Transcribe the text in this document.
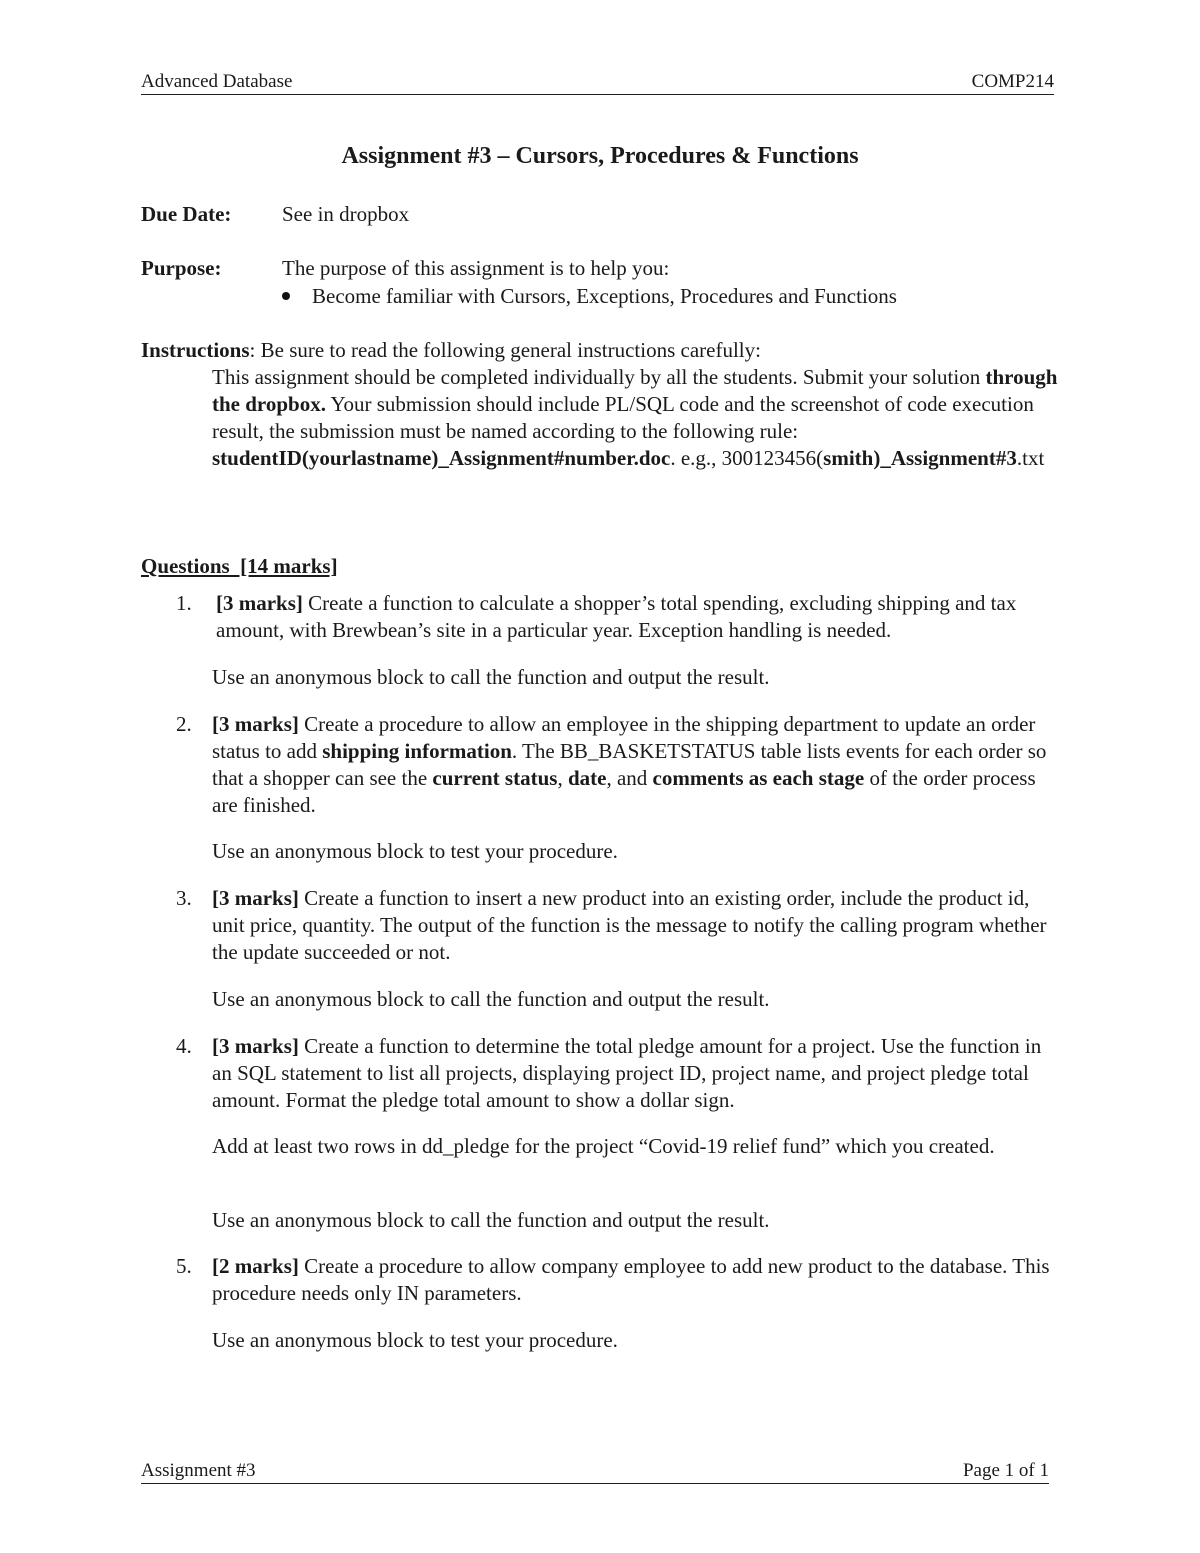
Advanced Database	COMP214
Assignment #3 – Cursors, Procedures & Functions
Due Date: See in dropbox
Purpose:	The purpose of this assignment is to help you:
Become familiar with Cursors, Exceptions, Procedures and Functions
Instructions: Be sure to read the following general instructions carefully:
This assignment should be completed individually by all the students. Submit your solution through the dropbox. Your submission should include PL/SQL code and the screenshot of code execution result, the submission must be named according to the following rule: studentID(yourlastname)_Assignment#number.doc. e.g., 300123456(smith)_Assignment#3.txt
Questions  [14 marks]
1. [3 marks] Create a function to calculate a shopper’s total spending, excluding shipping and tax amount, with Brewbean’s site in a particular year. Exception handling is needed.
Use an anonymous block to call the function and output the result.
2. [3 marks] Create a procedure to allow an employee in the shipping department to update an order status to add shipping information. The BB_BASKETSTATUS table lists events for each order so that a shopper can see the current status, date, and comments as each stage of the order process are finished.
Use an anonymous block to test your procedure.
3. [3 marks] Create a function to insert a new product into an existing order, include the product id, unit price, quantity. The output of the function is the message to notify the calling program whether the update succeeded or not.
Use an anonymous block to call the function and output the result.
4. [3 marks] Create a function to determine the total pledge amount for a project. Use the function in an SQL statement to list all projects, displaying project ID, project name, and project pledge total amount. Format the pledge total amount to show a dollar sign.
Add at least two rows in dd_pledge for the project “Covid-19 relief fund” which you created.
Use an anonymous block to call the function and output the result.
5. [2 marks] Create a procedure to allow company employee to add new product to the database. This procedure needs only IN parameters.
Use an anonymous block to test your procedure.
Assignment #3	Page 1 of 1
